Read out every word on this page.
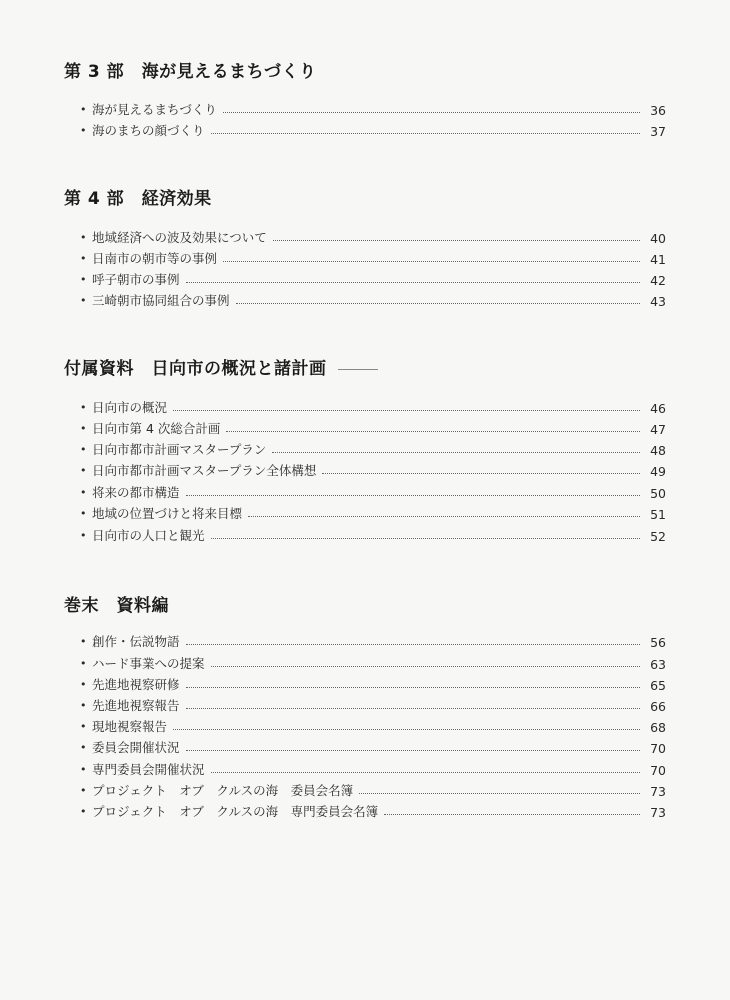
第 3 部　海が見えるまちづくり
• 海が見えるまちづくり	36
• 海のまちの顔づくり	37
第 4 部　経済効果
• 地域経済への波及効果について	40
• 日南市の朝市等の事例	41
• 呼子朝市の事例	42
• 三崎朝市協同組合の事例	43
付属資料　日向市の概況と諸計画
• 日向市の概況	46
• 日向市第 4 次総合計画	47
• 日向市都市計画マスタープラン	48
• 日向市都市計画マスタープラン全体構想	49
• 将来の都市構造	50
• 地域の位置づけと将来目標	51
• 日向市の人口と観光	52
巻末　資料編
• 創作・伝説物語	56
• ハード事業への提案	63
• 先進地視察研修	65
• 先進地視察報告	66
• 現地視察報告	68
• 委員会開催状況	70
• 専門委員会開催状況	70
• プロジェクト　オブ　クルスの海　委員会名簿	73
• プロジェクト　オブ　クルスの海　専門委員会名簿	73
